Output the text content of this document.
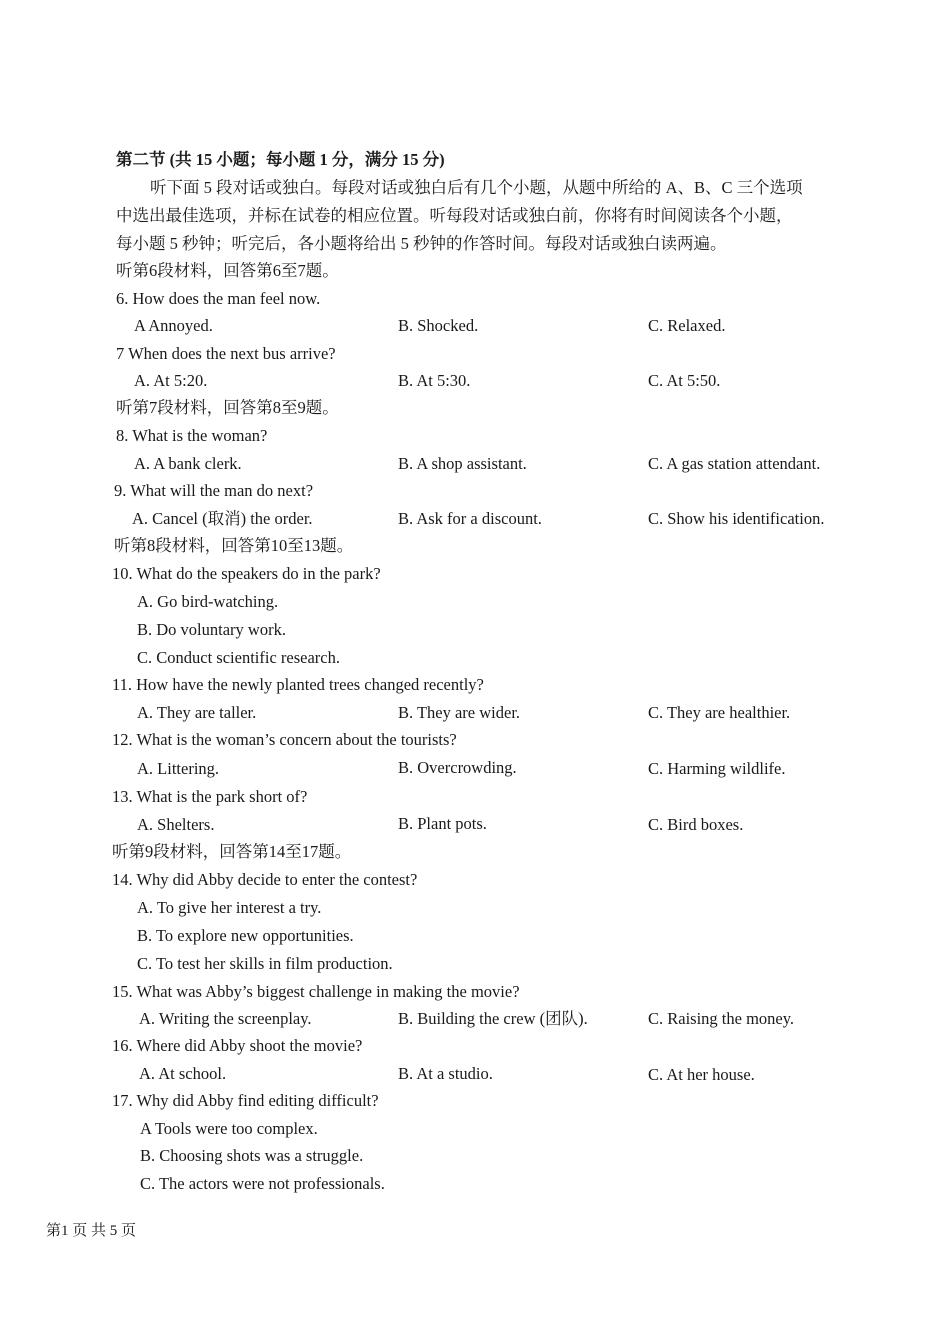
第二节 (共 15 小题；每小题 1 分，满分 15 分)
听下面 5 段对话或独白。每段对话或独白后有几个小题，从题中所给的 A、B、C 三个选项
中选出最佳选项，并标在试卷的相应位置。听每段对话或独白前，你将有时间阅读各个小题，
每小题 5 秒钟；听完后，各小题将给出 5 秒钟的作答时间。每段对话或独白读两遍。
听第6段材料，回答第6至7题。
6. How does the man feel now.
A Annoyed.	B. Shocked.	C. Relaxed.
7 When does the next bus arrive?
A. At 5:20.	B. At 5:30.	C. At 5:50.
听第7段材料，回答第8至9题。
8. What is the woman?
A. A bank clerk.	B. A shop assistant.	C. A gas station attendant.
9. What will the man do next?
A. Cancel (取消) the order.	B. Ask for a discount.	C. Show his identification.
听第8段材料，回答第10至13题。
10. What do the speakers do in the park?
A. Go bird-watching.
B. Do voluntary work.
C. Conduct scientific research.
11. How have the newly planted trees changed recently?
A. They are taller.	B. They are wider.	C. They are healthier.
12. What is the woman’s concern about the tourists?
A. Littering.	B. Overcrowding.	C. Harming wildlife.
13. What is the park short of?
A. Shelters.	B. Plant pots.	C. Bird boxes.
听第9段材料，回答第14至17题。
14. Why did Abby decide to enter the contest?
A. To give her interest a try.
B. To explore new opportunities.
C. To test her skills in film production.
15. What was Abby’s biggest challenge in making the movie?
A. Writing the screenplay.	B. Building the crew (团队).	C. Raising the money.
16. Where did Abby shoot the movie?
A. At school.	B. At a studio.	C. At her house.
17. Why did Abby find editing difficult?
A Tools were too complex.
B. Choosing shots was a struggle.
C. The actors were not professionals.
第1 页 共 5 页
